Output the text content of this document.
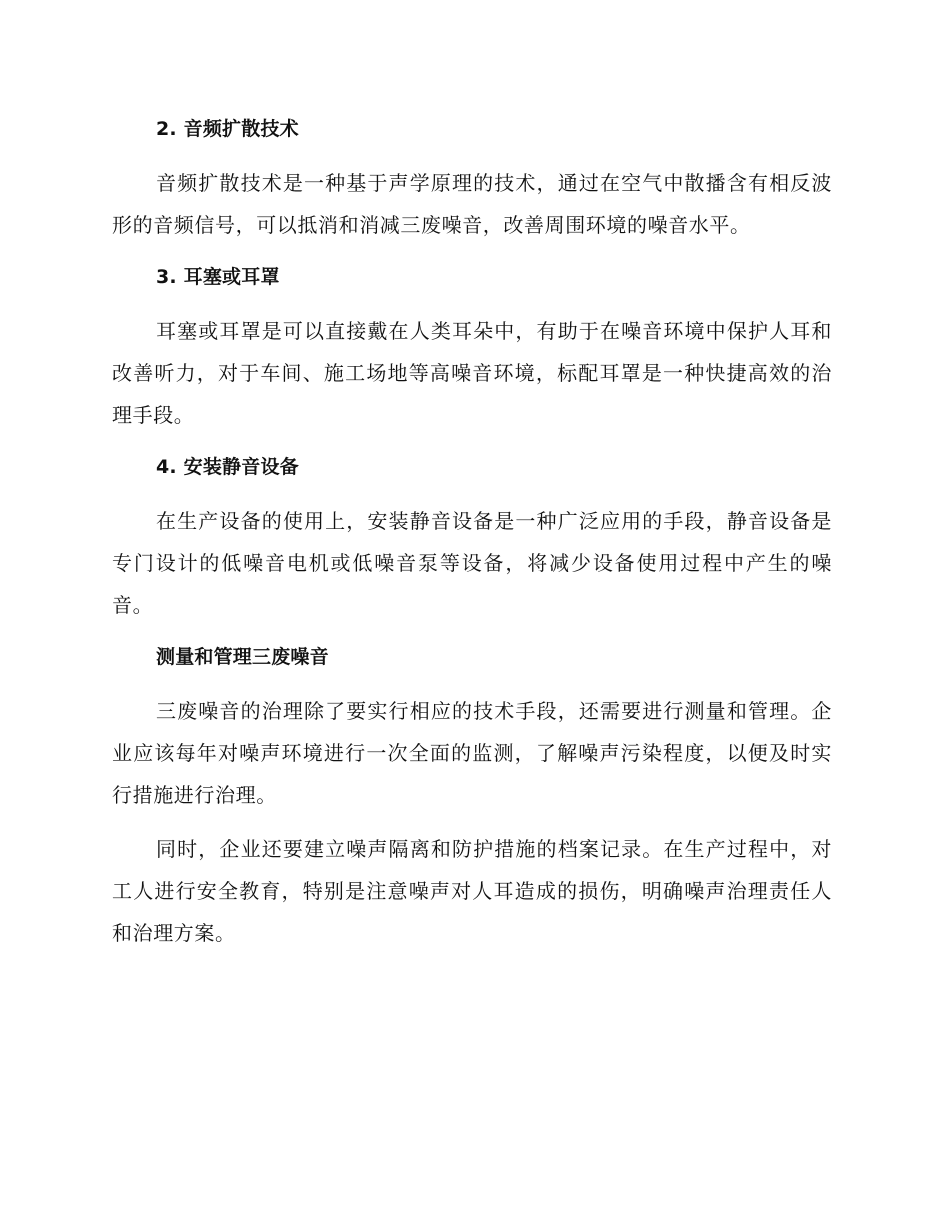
2. 音频扩散技术

音频扩散技术是一种基于声学原理的技术，通过在空气中散播含有相反波形的音频信号，可以抵消和消减三废噪音，改善周围环境的噪音水平。

3. 耳塞或耳罩

耳塞或耳罩是可以直接戴在人类耳朵中，有助于在噪音环境中保护人耳和改善听力，对于车间、施工场地等高噪音环境，标配耳罩是一种快捷高效的治理手段。

4. 安装静音设备

在生产设备的使用上，安装静音设备是一种广泛应用的手段，静音设备是专门设计的低噪音电机或低噪音泵等设备，将减少设备使用过程中产生的噪音。

测量和管理三废噪音

三废噪音的治理除了要实行相应的技术手段，还需要进行测量和管理。企业应该每年对噪声环境进行一次全面的监测，了解噪声污染程度，以便及时实行措施进行治理。

同时，企业还要建立噪声隔离和防护措施的档案记录。在生产过程中，对工人进行安全教育，特别是注意噪声对人耳造成的损伤，明确噪声治理责任人和治理方案。
